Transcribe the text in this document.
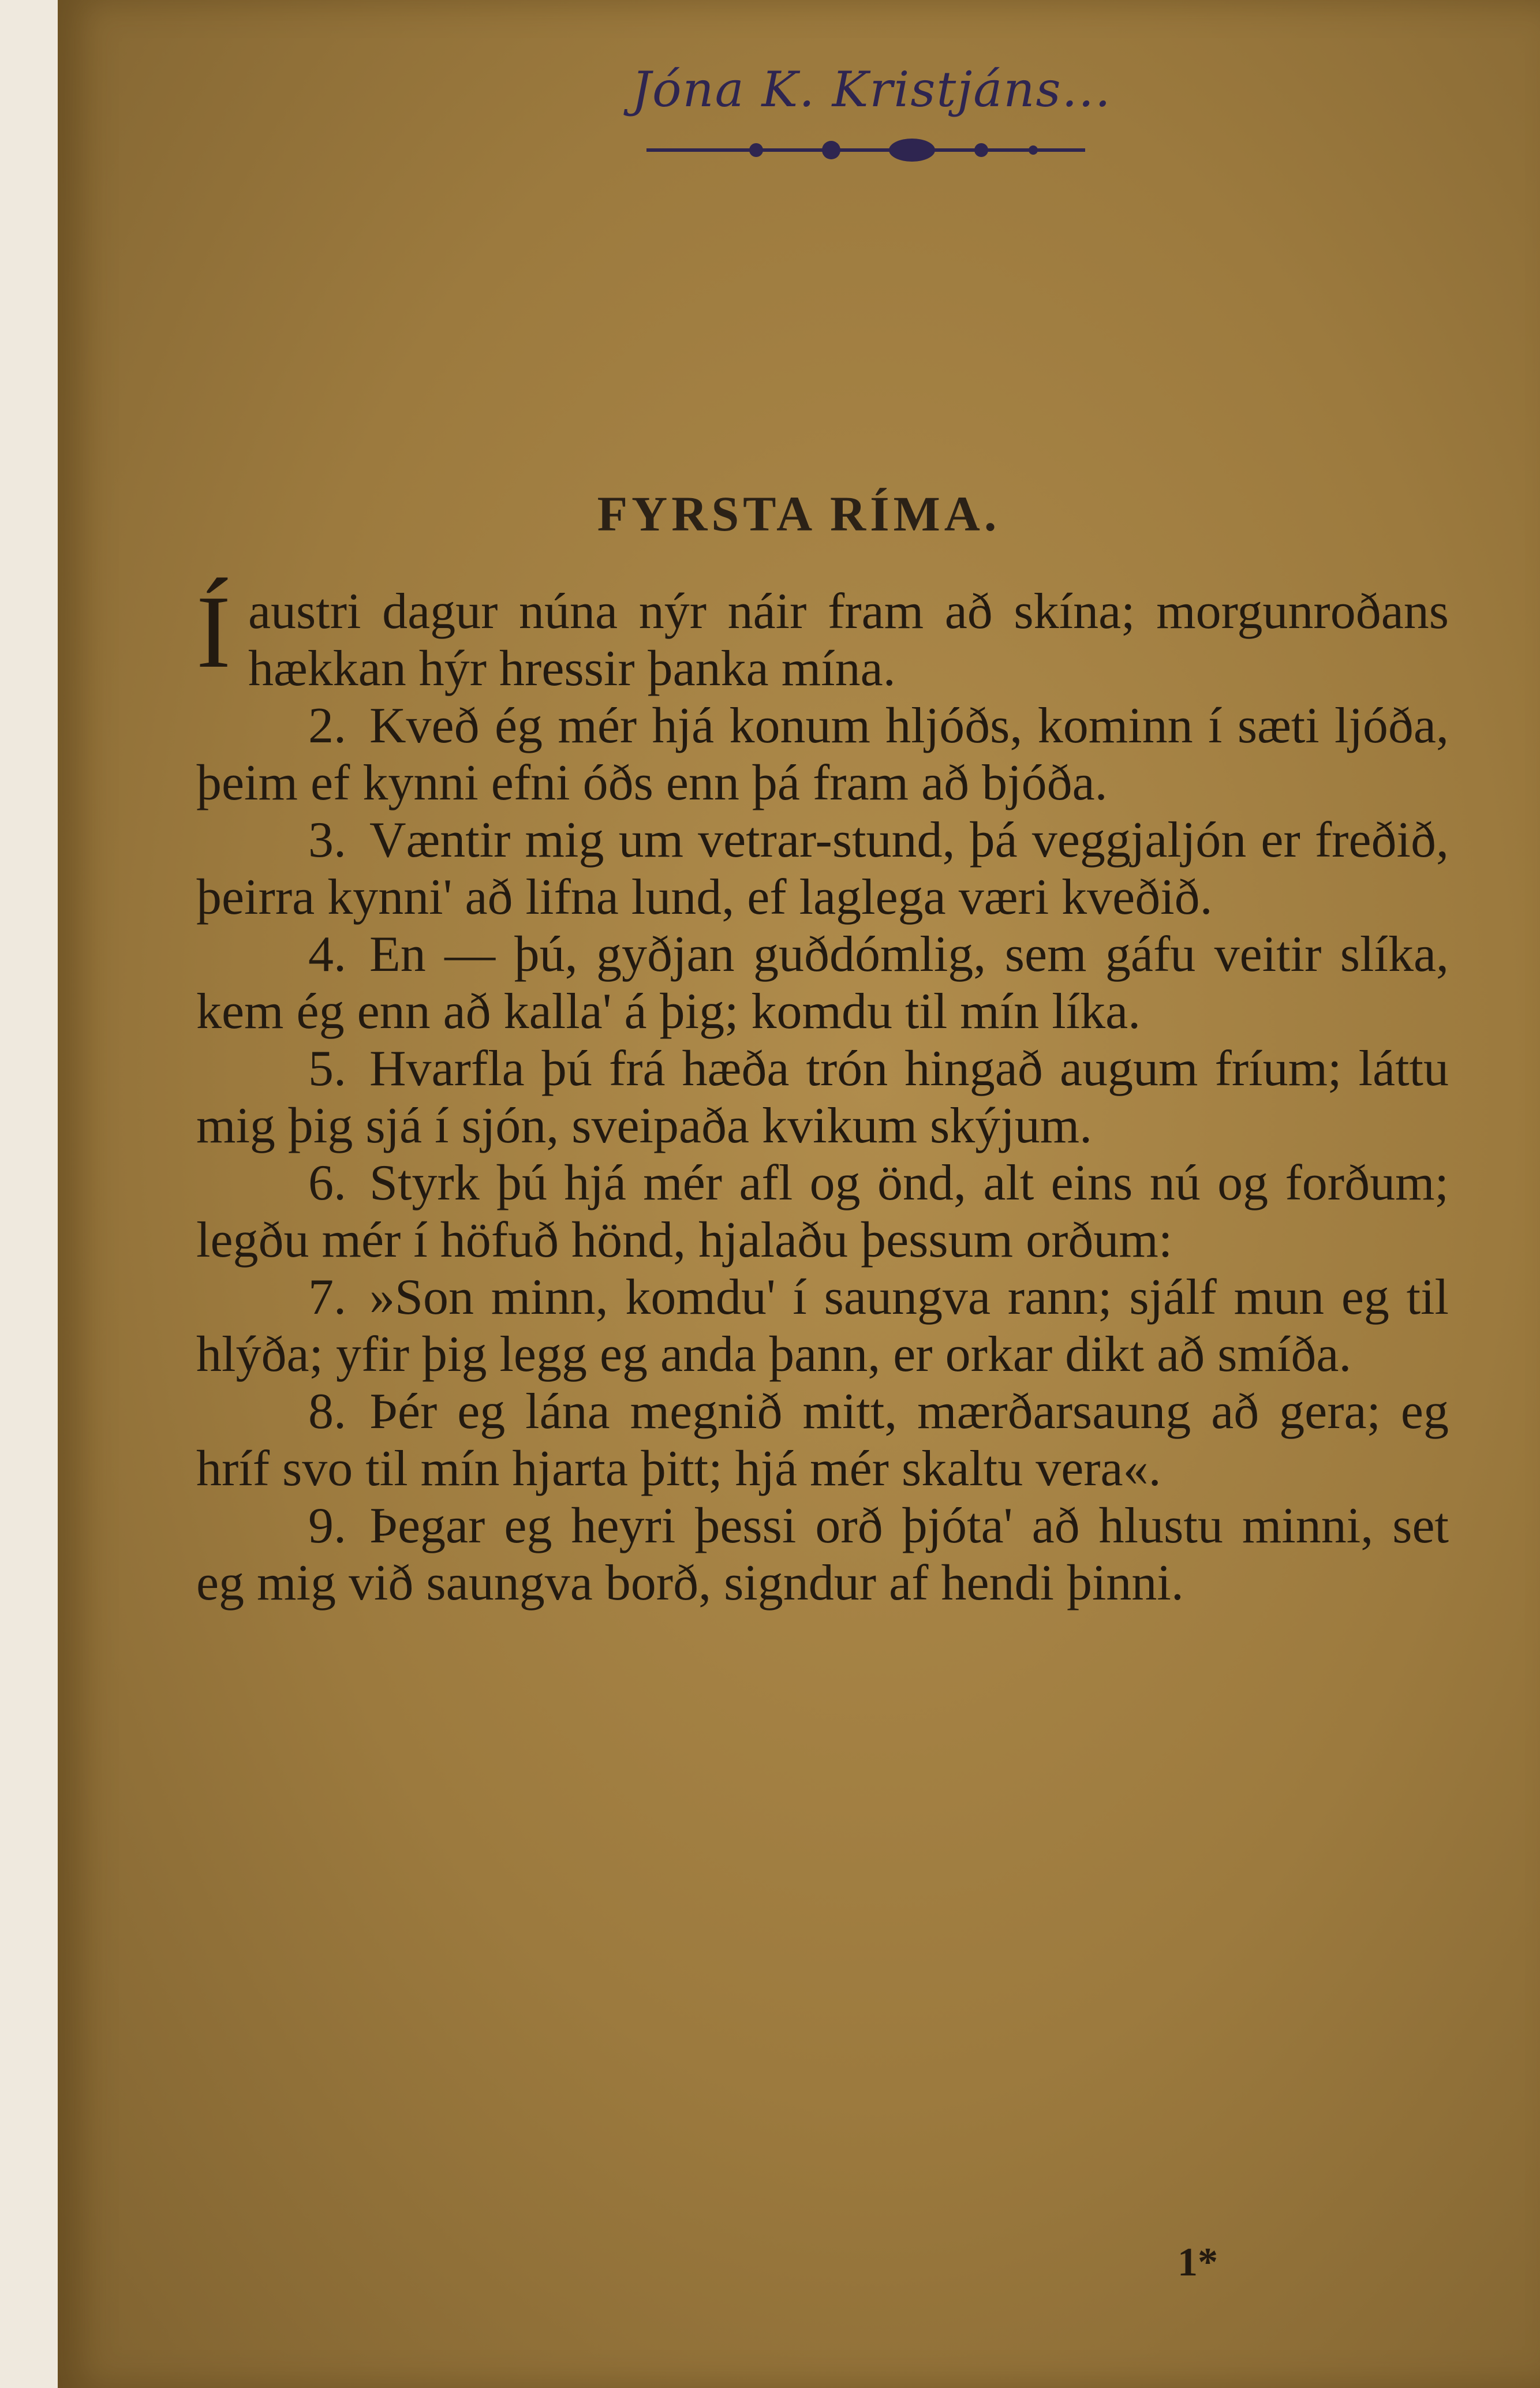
Jóna K. Kristjáns...
FYRSTA RÍMA.

Í austri dagur núna nýr náir fram að skína; morgunroðans hækkan hýr hressir þanka mína.

2. Kveð ég mér hjá konum hljóðs, kominn í sæti ljóða, þeim ef kynni efni óðs enn þá fram að bjóða.

3. Væntir mig um vetrar-stund, þá veggjaljón er freðið, þeirra kynni' að lifna lund, ef laglega væri kveðið.

4. En — þú, gyðjan guðdómlig, sem gáfu veitir slíka, kem ég enn að kalla' á þig; komdu til mín líka.

5. Hvarfla þú frá hæða trón hingað augum fríum; láttu mig þig sjá í sjón, sveipaða kvikum skýjum.

6. Styrk þú hjá mér afl og önd, alt eins nú og forðum; legðu mér í höfuð hönd, hjalaðu þessum orðum:

7. »Son minn, komdu' í saungva rann; sjálf mun eg til hlýða; yfir þig legg eg anda þann, er orkar dikt að smíða.

8. Þér eg lána megnið mitt, mærðarsaung að gera; eg hríf svo til mín hjarta þitt; hjá mér skaltu vera«.

9. Þegar eg heyri þessi orð þjóta' að hlustu minni, set eg mig við saungva borð, signdur af hendi þinni.

1*
